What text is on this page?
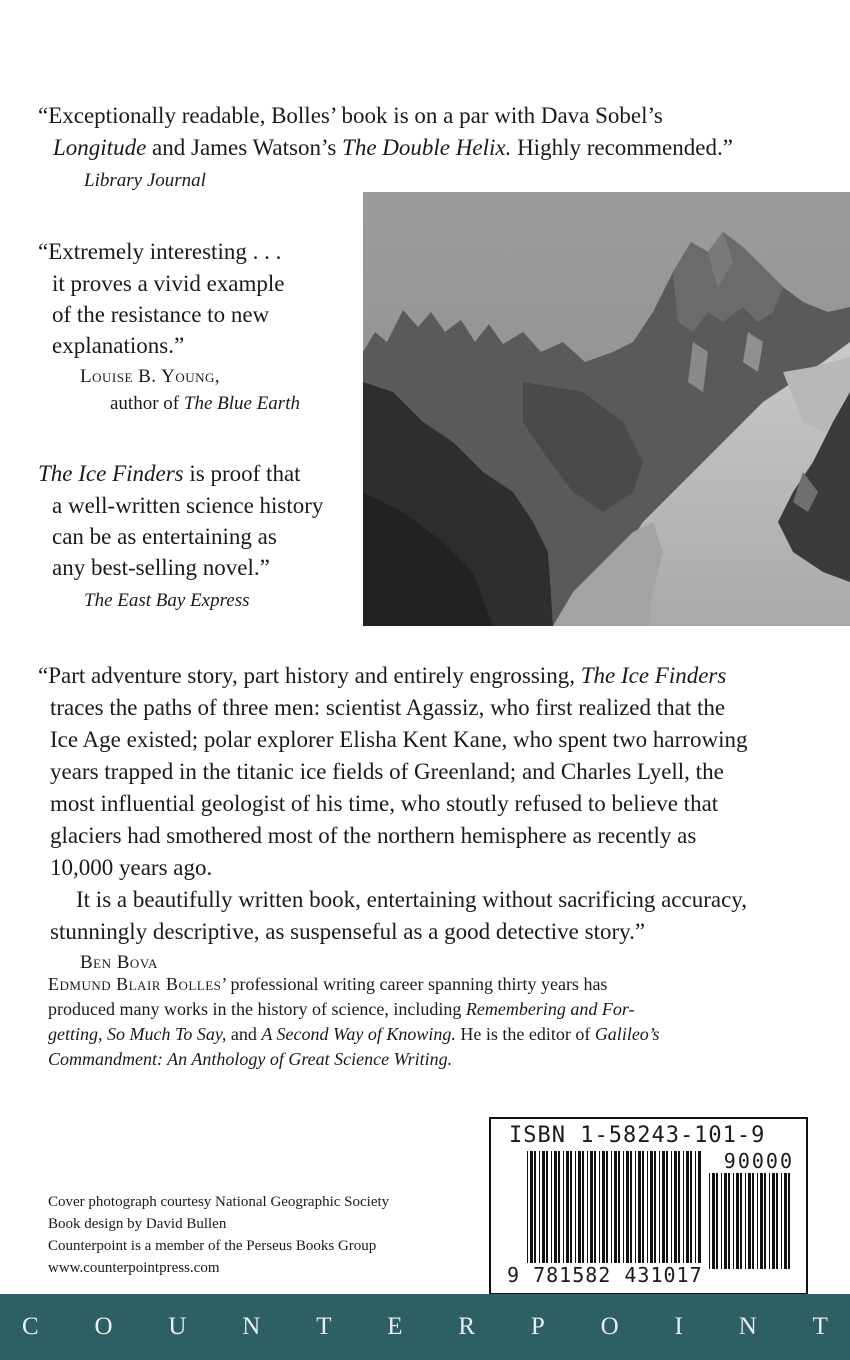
“Exceptionally readable, Bolles’ book is on a par with Dava Sobel’s
Longitude and James Watson’s The Double Helix. Highly recommended.”
Library Journal
“Extremely interesting . . .
it proves a vivid example
of the resistance to new
explanations.”
Louise B. Young,
author of The Blue Earth
The Ice Finders is proof that
a well-written science history
can be as entertaining as
any best-selling novel.”
The East Bay Express
“Part adventure story, part history and entirely engrossing, The Ice Finders
traces the paths of three men: scientist Agassiz, who first realized that the
Ice Age existed; polar explorer Elisha Kent Kane, who spent two harrowing
years trapped in the titanic ice fields of Greenland; and Charles Lyell, the
most influential geologist of his time, who stoutly refused to believe that
glaciers had smothered most of the northern hemisphere as recently as
10,000 years ago.
It is a beautifully written book, entertaining without sacrificing accuracy,
stunningly descriptive, as suspenseful as a good detective story.”
Ben Bova
Edmund Blair Bolles’ professional writing career spanning thirty years has
produced many works in the history of science, including Remembering and For-
getting, So Much To Say, and A Second Way of Knowing. He is the editor of Galileo’s
Commandment: An Anthology of Great Science Writing.
Cover photograph courtesy National Geographic Society
Book design by David Bullen
Counterpoint is a member of the Perseus Books Group
www.counterpointpress.com
ISBN 1-58243-101-9
90000
9 781582 431017
C O U N T E R P O I N T
